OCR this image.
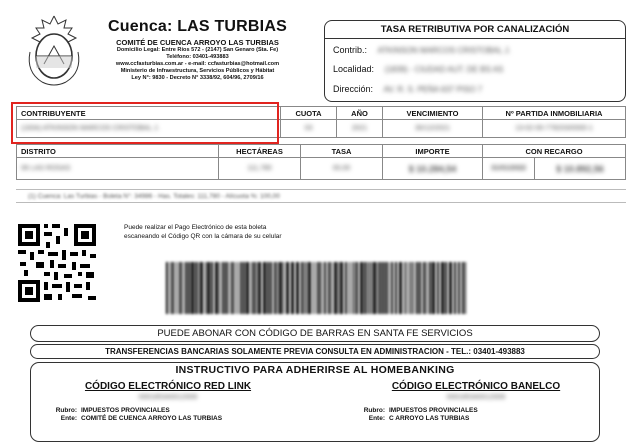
Cuenca: LAS TURBIAS
COMITÉ DE CUENCA ARROYO LAS TURBIAS
Domicilio Legal: Entre Ríos 572 - (2147) San Genaro (Sta. Fe)
Teléfono: 03401-493883
www.ccfasturbias.com.ar - e-mail: ccfasturbias@hotmail.com
Ministerio de Infraestructura, Servicios Públicos y Hábitat
Ley N°: 9830 - Decreto N° 3338/92, 604/96, 2709/16
TASA RETRIBUTIVA POR CANALIZACIÓN
Contrib.: ATKINSON MARCOS CRISTOBAL J.
Localidad: (1839) - CIUDAD AUT. DE BS AS
Dirección: AV. R. S. PEÑA 637 PISO 7
CONTRIBUYENTE	CUOTA	AÑO	VENCIMIENTO	Nº PARTIDA INMOBILIARIA
(1834) ATKINSON MARCOS CRISTOBAL J.	03	2021	30/12/2021	13-02-00-778203/0000-1
DISTRITO	HECTÁREAS	TASA	IMPORTE	CON RECARGO	
06 LAS ROSAS	111,780	00,00	$ 10.284,54	31/01/2022	$ 10.892,56
(1) Cuenca: Las Turbias - Boleta N°: 34986 - Has. Totales: 111,780 - Alícuota %: 100,00
Puede realizar el Pago Electrónico de esta boleta
escaneando el Código QR con la cámara de su celular
PUEDE ABONAR CON CÓDIGO DE BARRAS EN SANTA FE SERVICIOS
TRANSFERENCIAS BANCARIAS SOLAMENTE PREVIA CONSULTA EN ADMINISTRACION - TEL.: 03401-493883
INSTRUCTIVO PARA ADHERIRSE AL HOMEBANKING
CÓDIGO ELECTRÓNICO RED LINK
000185340012009
Rubro: IMPUESTOS PROVINCIALES
Ente: COMITÉ DE CUENCA ARROYO LAS TURBIAS
CÓDIGO ELECTRÓNICO BANELCO
000185340012009
Rubro: IMPUESTOS PROVINCIALES
Ente: C ARROYO LAS TURBIAS
